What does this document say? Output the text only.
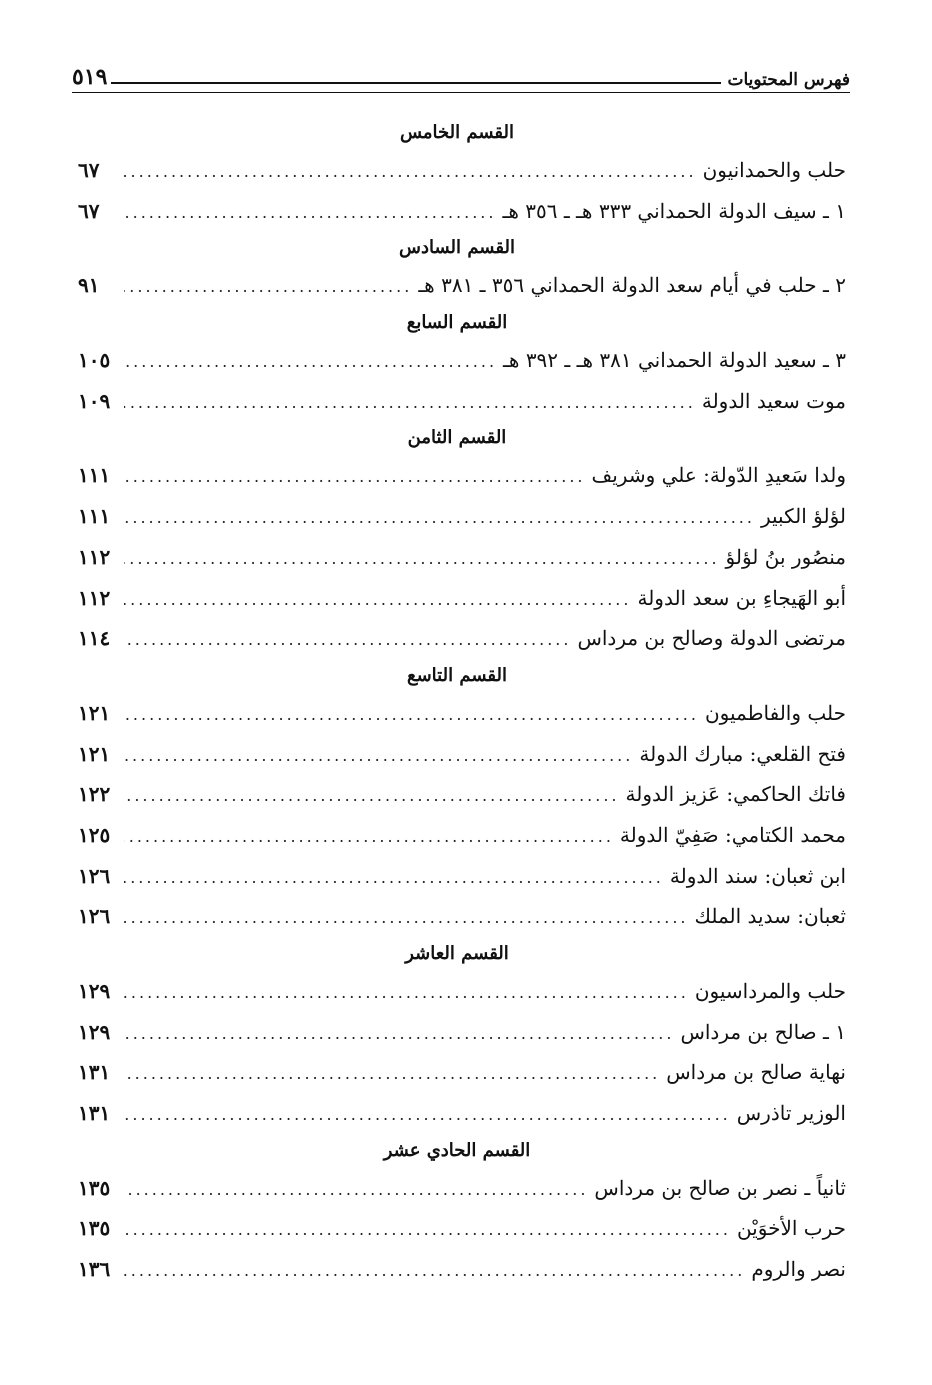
فهرس المحتويات
٥١٩
القسم الخامس
حلب والحمدانيون
.....
٦٧
١ ـ سيف الدولة الحمداني ٣٣٣ هـ ـ ٣٥٦ هـ
.....
٦٧
القسم السادس
٢ ـ حلب في أيام سعد الدولة الحمداني ٣٥٦ ـ ٣٨١ هـ
.....
٩١
القسم السابع
٣ ـ سعيد الدولة الحمداني ٣٨١ هـ ـ ٣٩٢ هـ
.....
١٠٥
موت سعيد الدولة
.....
١٠٩
القسم الثامن
ولدا سَعيدِ الدّولة: علي وشريف
.....
١١١
لؤلؤ الكبير
.....
١١١
منصُور بنُ لؤلؤ
.....
١١٢
أبو الهَيجاءِ بن سعد الدولة
.....
١١٢
مرتضى الدولة وصالح بن مرداس
.....
١١٤
القسم التاسع
حلب والفاطميون
.....
١٢١
فتح القلعي: مبارك الدولة
.....
١٢١
فاتك الحاكمي: عَزيز الدولة
.....
١٢٢
محمد الكتامي: صَفِيّ الدولة
.....
١٢٥
ابن ثعبان: سند الدولة
.....
١٢٦
ثعبان: سديد الملك
.....
١٢٦
القسم العاشر
حلب والمرداسيون
.....
١٢٩
١ ـ صالح بن مرداس
.....
١٢٩
نهاية صالح بن مرداس
.....
١٣١
الوزير تاذرس
.....
١٣١
القسم الحادي عشر
ثانياً ـ نصر بن صالح بن مرداس
.....
١٣٥
حرب الأخوَيْن
.....
١٣٥
نصر والروم
.....
١٣٦
